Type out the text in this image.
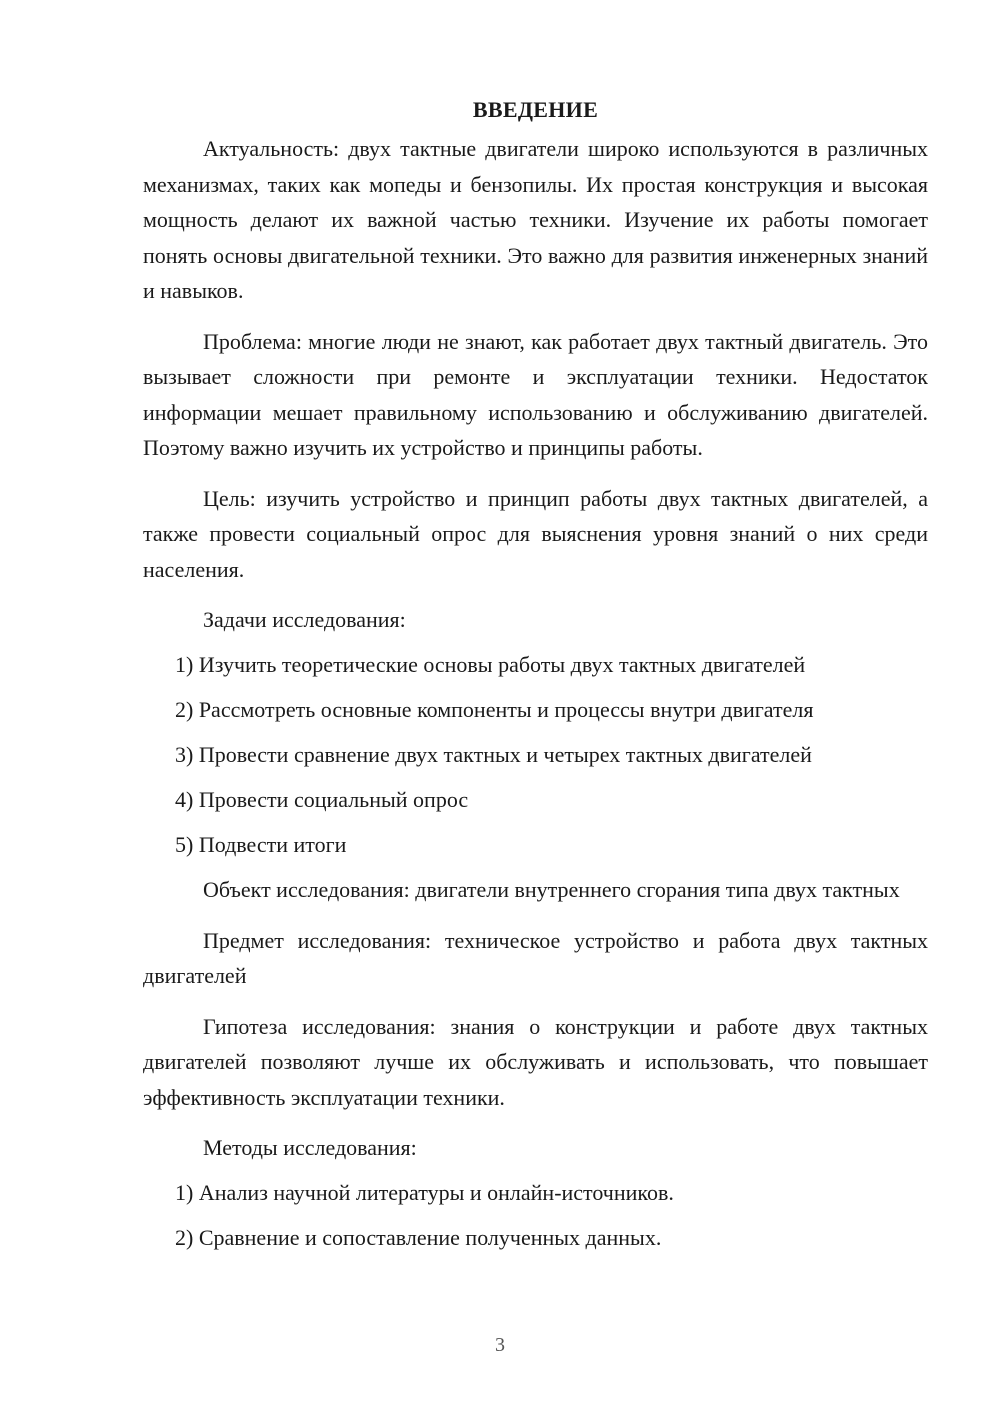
ВВЕДЕНИЕ

Актуальность: двух тактные двигатели широко используются в различных механизмах, таких как мопеды и бензопилы. Их простая конструкция и высокая мощность делают их важной частью техники. Изучение их работы помогает понять основы двигательной техники. Это важно для развития инженерных знаний и навыков.

Проблема: многие люди не знают, как работает двух тактный двигатель. Это вызывает сложности при ремонте и эксплуатации техники. Недостаток информации мешает правильному использованию и обслуживанию двигателей. Поэтому важно изучить их устройство и принципы работы.

Цель: изучить устройство и принцип работы двух тактных двигателей, а также провести социальный опрос для выяснения уровня знаний о них среди населения.

Задачи исследования:
1) Изучить теоретические основы работы двух тактных двигателей
2) Рассмотреть основные компоненты и процессы внутри двигателя
3) Провести сравнение двух тактных и четырех тактных двигателей
4) Провести социальный опрос
5) Подвести итоги

Объект исследования: двигатели внутреннего сгорания типа двух тактных

Предмет исследования: техническое устройство и работа двух тактных двигателей

Гипотеза исследования: знания о конструкции и работе двух тактных двигателей позволяют лучше их обслуживать и использовать, что повышает эффективность эксплуатации техники.

Методы исследования:
1) Анализ научной литературы и онлайн-источников.
2) Сравнение и сопоставление полученных данных.
3
